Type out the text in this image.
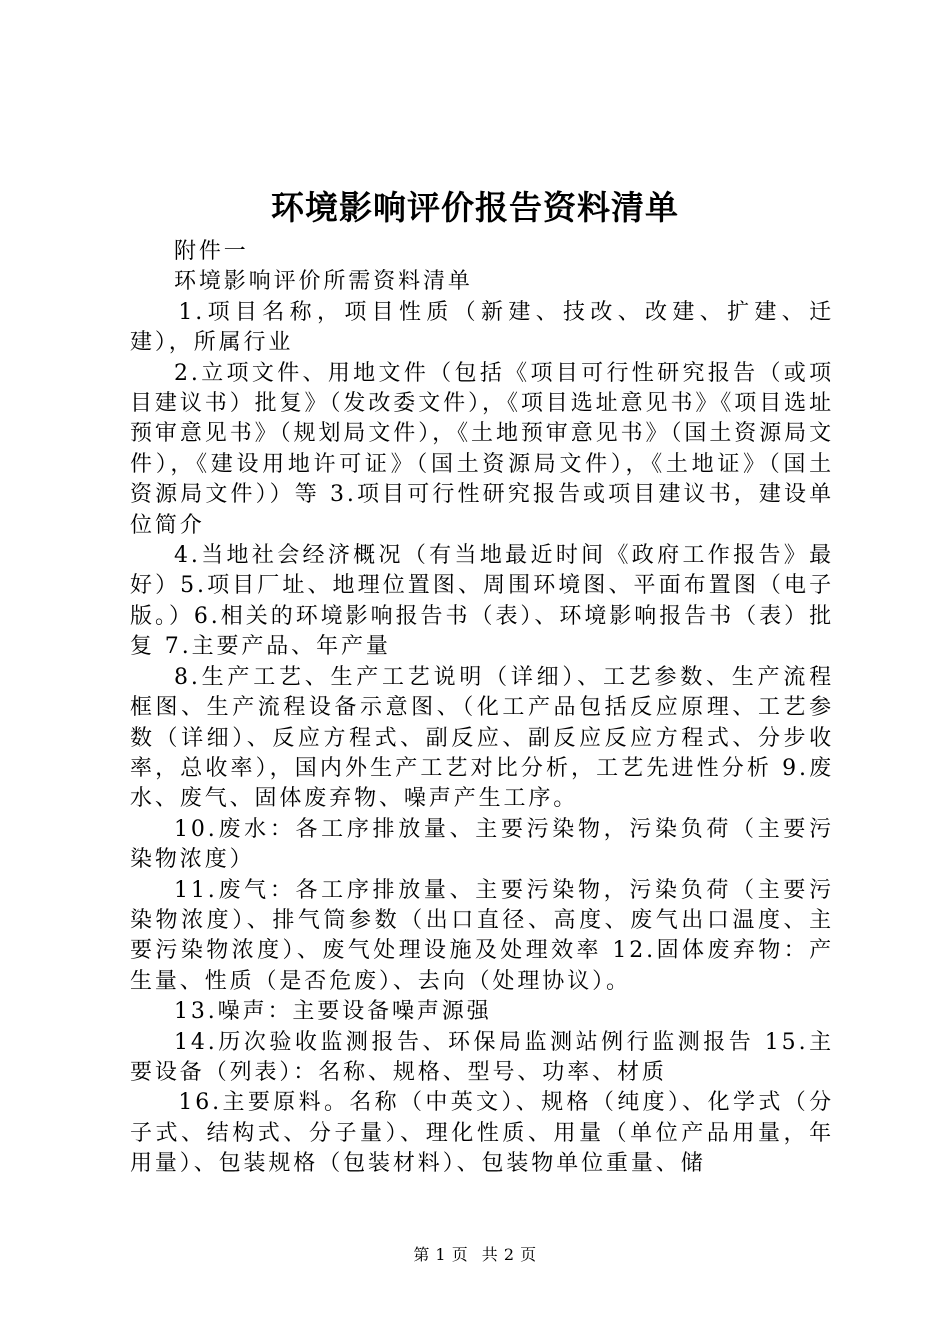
环境影响评价报告资料清单

附件一

环境影响评价所需资料清单

1.项目名称，项目性质（新建、技改、改建、扩建、迁建），所属行业

2.立项文件、用地文件（包括《项目可行性研究报告（或项目建议书）批复》（发改委文件），《项目选址意见书》《项目选址预审意见书》（规划局文件），《土地预审意见书》（国土资源局文件），《建设用地许可证》（国土资源局文件），《土地证》（国土资源局文件））等 3.项目可行性研究报告或项目建议书，建设单位简介

4.当地社会经济概况（有当地最近时间《政府工作报告》最好）5.项目厂址、地理位置图、周围环境图、平面布置图（电子版。）6.相关的环境影响报告书（表）、环境影响报告书（表）批复 7.主要产品、年产量

8.生产工艺、生产工艺说明（详细）、工艺参数、生产流程框图、生产流程设备示意图、（化工产品包括反应原理、工艺参数（详细）、反应方程式、副反应、副反应反应方程式、分步收率，总收率），国内外生产工艺对比分析，工艺先进性分析 9.废水、废气、固体废弃物、噪声产生工序。

10.废水：各工序排放量、主要污染物，污染负荷（主要污染物浓度）

11.废气：各工序排放量、主要污染物，污染负荷（主要污染物浓度）、排气筒参数（出口直径、高度、废气出口温度、主要污染物浓度）、废气处理设施及处理效率 12.固体废弃物：产生量、性质（是否危废）、去向（处理协议）。

13.噪声：主要设备噪声源强

14.历次验收监测报告、环保局监测站例行监测报告 15.主要设备（列表）：名称、规格、型号、功率、材质

16.主要原料。名称（中英文）、规格（纯度）、化学式（分子式、结构式、分子量）、理化性质、用量（单位产品用量，年用量）、包装规格（包装材料）、包装物单位重量、储

第 1 页 共 2 页
